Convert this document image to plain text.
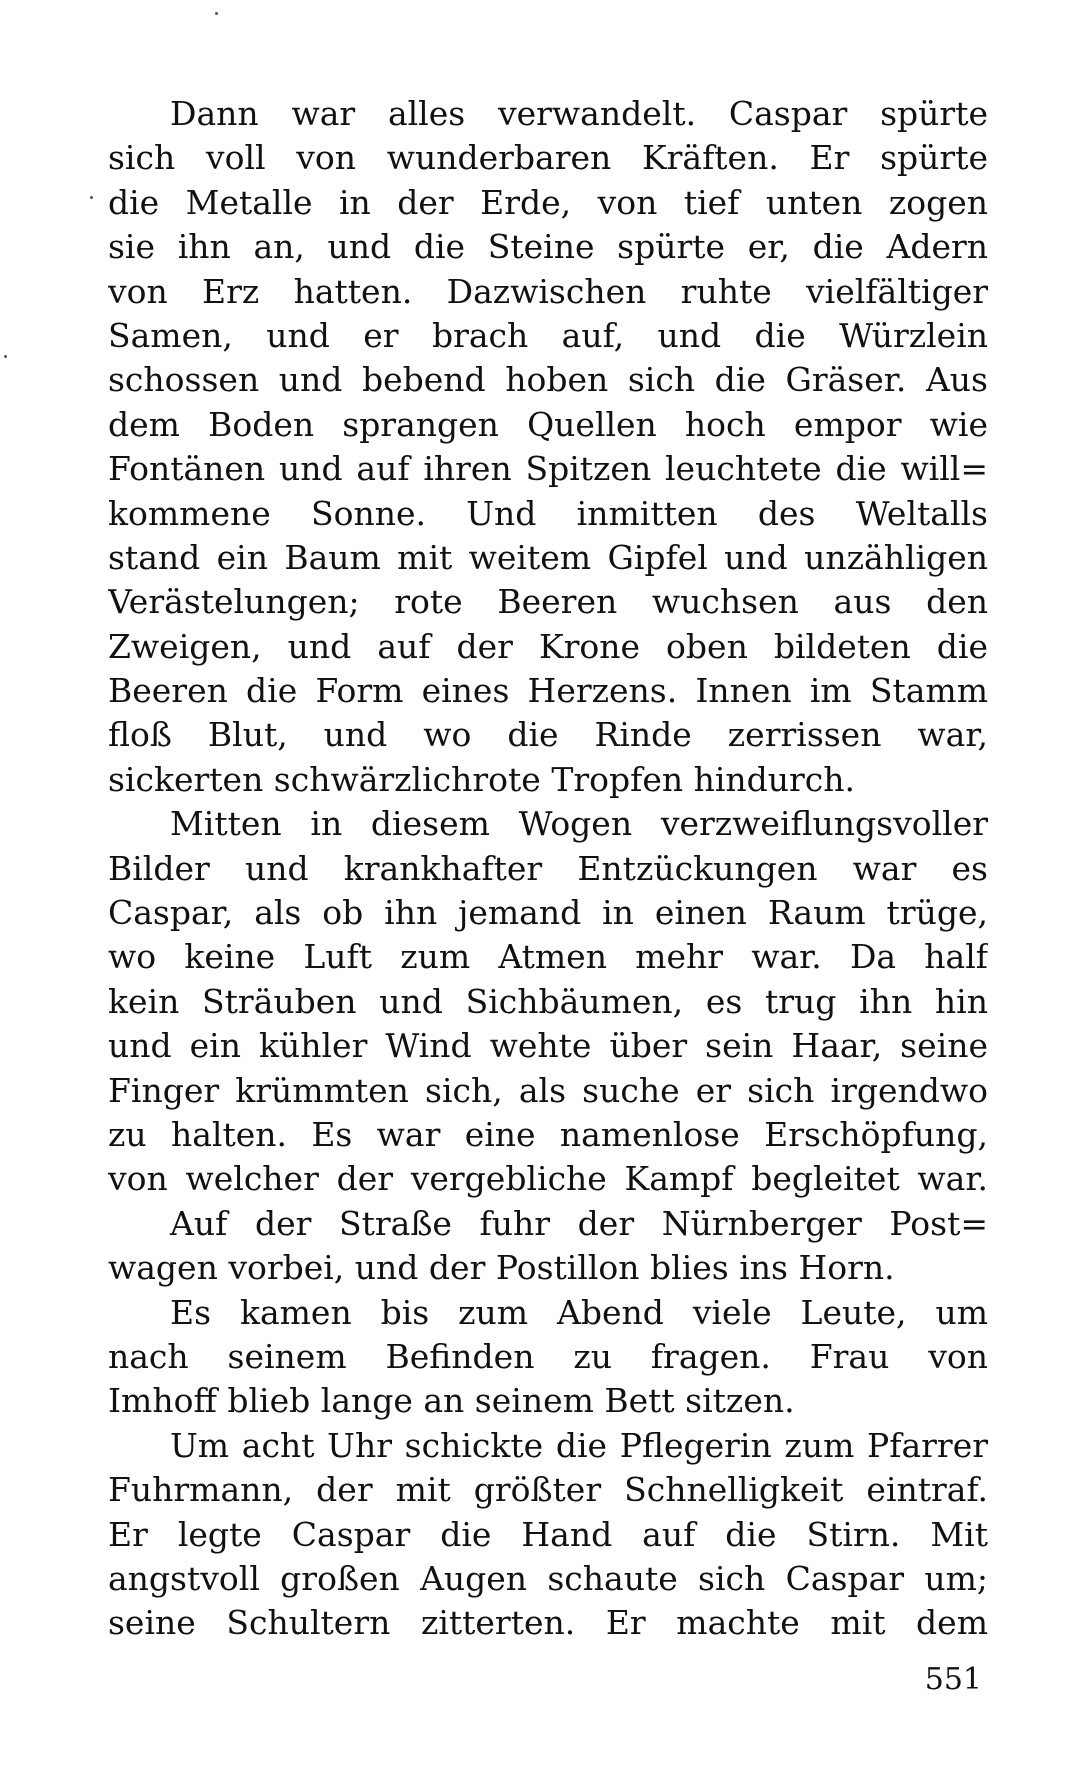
Dann war alles verwandelt. Caspar spürte
sich voll von wunderbaren Kräften. Er spürte
die Metalle in der Erde, von tief unten zogen
sie ihn an, und die Steine spürte er, die Adern
von Erz hatten. Dazwischen ruhte vielfältiger
Samen, und er brach auf, und die Würzlein
schossen und bebend hoben sich die Gräser. Aus
dem Boden sprangen Quellen hoch empor wie
Fontänen und auf ihren Spitzen leuchtete die will=
kommene Sonne. Und inmitten des Weltalls
stand ein Baum mit weitem Gipfel und unzähligen
Verästelungen; rote Beeren wuchsen aus den
Zweigen, und auf der Krone oben bildeten die
Beeren die Form eines Herzens. Innen im Stamm
floß Blut, und wo die Rinde zerrissen war,
sickerten schwärzlichrote Tropfen hindurch.
Mitten in diesem Wogen verzweiflungsvoller
Bilder und krankhafter Entzückungen war es
Caspar, als ob ihn jemand in einen Raum trüge,
wo keine Luft zum Atmen mehr war. Da half
kein Sträuben und Sichbäumen, es trug ihn hin
und ein kühler Wind wehte über sein Haar, seine
Finger krümmten sich, als suche er sich irgendwo
zu halten. Es war eine namenlose Erschöpfung,
von welcher der vergebliche Kampf begleitet war.
Auf der Straße fuhr der Nürnberger Post=
wagen vorbei, und der Postillon blies ins Horn.
Es kamen bis zum Abend viele Leute, um
nach seinem Befinden zu fragen. Frau von
Imhoff blieb lange an seinem Bett sitzen.
Um acht Uhr schickte die Pflegerin zum Pfarrer
Fuhrmann, der mit größter Schnelligkeit eintraf.
Er legte Caspar die Hand auf die Stirn. Mit
angstvoll großen Augen schaute sich Caspar um;
seine Schultern zitterten. Er machte mit dem
551
